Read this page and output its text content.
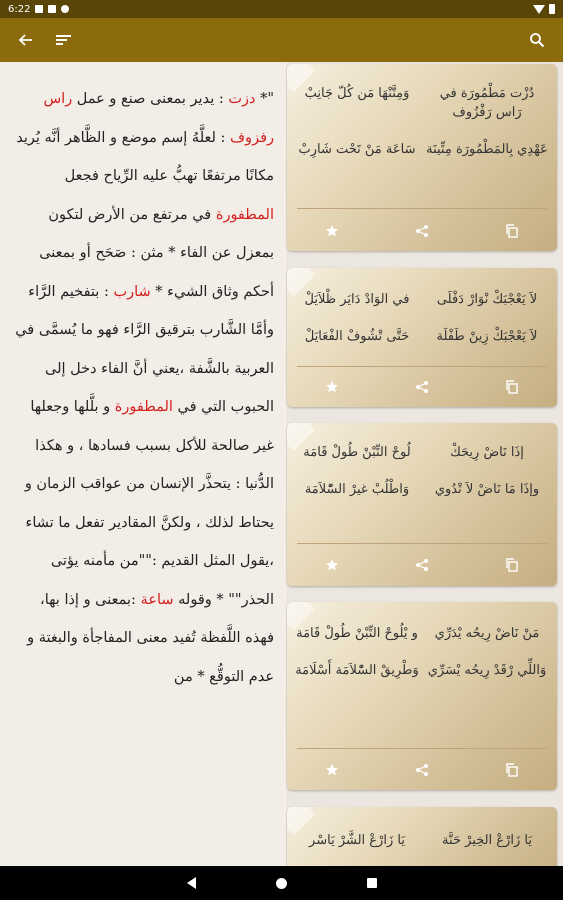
6:22
"* دزت : يدير بمعنى صنع و عمل راس رفزوف : لعلَّهُ إسم موضع و الظَّاهر أنَّه يُريد مكانًا مرتفعًا تهبُّ عليه الرِّياح فجعل المطفورة في مرتفع من الأرض لتكون بمعزل عن الفاء * مثن : صَحَح أو بمعنى أحكم وثاق الشيء * شارب : بتفخيم الرَّاء وأمَّا الشَّارب بترقيق الرَّاء فهو ما يُسمَّى في العربية بالشَّفة ،يعني أنَّ الفاء دخل إلى الحبوب التي في المطفورة و بلَّلها وجعلها غير صالحة للأكل بسبب فسادها ، و هكذا الدُّنيا : يتحذَّر الإنسان من عواقب الزمان و يحتاط لذلك ، ولكنَّ المقادير تفعل ما تشاء ،يقول المثل القديم :""من مأمنه يؤتى الحذر"" * وقوله ساعة :بمعنى و إذا بها، فهذه اللَّفظة تُفيد معنى المفاجأة والبغتة و عدم التوقُّع * من
دُزْت مَطْمُورَة في رَاس رَفْزُوف
وَمِتَّنْهَا مَن كُلّ جَانِبْ
عَهْدِي بِالمَطْمُورَة مِتِّينَة
سَاعَة مَنْ تَحْت شَارِبْ
لاَ يَعْجْبَكْ نْوَارْ دَفْلَى
في الوَادْ دَايَر ظْلاَيَلْ
لاَ يَعْجْبَكْ زِينْ طَفْلَة
حَتَّى تْشُوفْ الفْعَايَلْ
إذَا نَاضْ رِيحَكْ
لُوحْ التِّبْنْ طُولْ قَامَة
وإذَا مَا نَاضْ لاَ تْدُوي
وَاطْلُبْ غيرْ السّْلاَمَة
مَنْ نَاضْ رِيحُه يْدَرِّي
و يْلُوحْ التِّبْنْ طُولْ قَامَة
وَاللِّي رْقَدْ رِيحُه يْسَرِّي
وَطْرِيقْ السّْلاَمَة أَسْلَامَة
يَا زَارْعْ الخِيرْ حَنَّة
يَا زَارْعْ الشَّرْ يَاسْر
